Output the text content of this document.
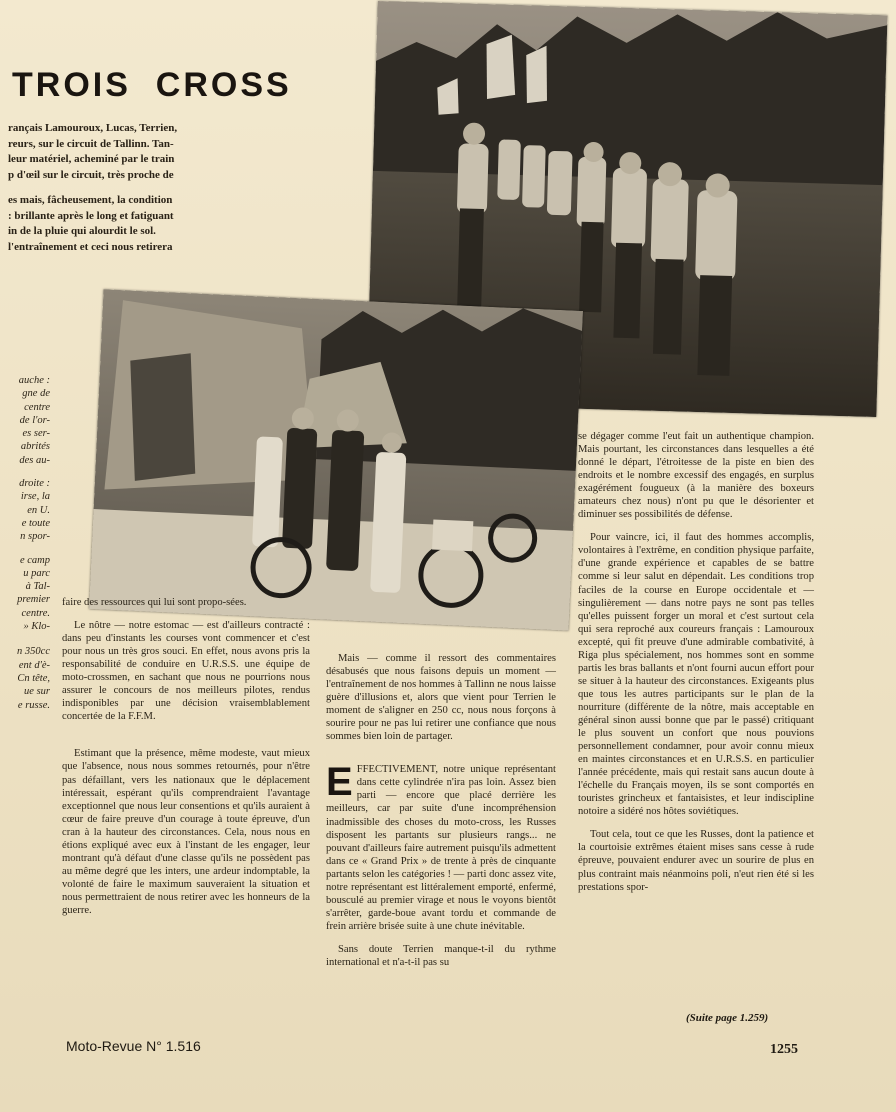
TROIS  CROSS

rançais Lamouroux, Lucas, Terrien,

reurs, sur le circuit de Tallinn. Tan-

leur matériel, acheminé par le train

p d'œil sur le circuit, très proche de

es mais, fâcheusement, la condition

: brillante après le long et fatiguant

in de la pluie qui alourdit le sol.

l'entraînement et ceci nous retirera

auche :
gne de
centre
de l'or-
es ser-
abrités
des au-
droite :
irse, la
en U.
e toute
n spor-
e camp
u parc
à Tal-
premier
centre.
» Klo-
n 350cc
ent d'è-
Cn tête,
ue sur
e russe.

faire des ressources qui lui sont propo-sées.

Le nôtre — notre estomac — est d'ailleurs contracté : dans peu d'instants les courses vont commencer et c'est pour nous un très gros souci. En effet, nous avons pris la responsabilité de conduire en U.R.S.S. une équipe de moto-crossmen, en sachant que nous ne pourrions nous assurer le concours de nos meilleurs pilotes, rendus indisponibles par une décision vraisemblablement concertée de la F.F.M.

Estimant que la présence, même modeste, vaut mieux que l'absence, nous nous sommes retournés, pour n'être pas défaillant, vers les nationaux que le déplacement intéressait, espérant qu'ils comprendraient l'avantage exceptionnel que nous leur consentions et qu'ils auraient à cœur de faire preuve d'un courage à toute épreuve, d'un cran à la hauteur des circonstances. Cela, nous nous en étions expliqué avec eux à l'instant de les engager, leur montrant qu'à défaut d'une classe qu'ils ne possèdent pas au même degré que les inters, une ardeur indomptable, la volonté de faire le maximum sauveraient la situation et nous permettraient de nous retirer avec les honneurs de la guerre.

Mais — comme il ressort des commentaires désabusés que nous faisons depuis un moment — l'entraînement de nos hommes à Tallinn ne nous laisse guère d'illusions et, alors que vient pour Terrien le moment de s'aligner en 250 cc, nous nous forçons à sourire pour ne pas lui retirer une confiance que nous sommes bien loin de partager.

EFFECTIVEMENT, notre unique représentant dans cette cylindrée n'ira pas loin. Assez bien parti — encore que placé derrière les meilleurs, car par suite d'une incompréhension inadmissible des choses du moto-cross, les Russes disposent les partants sur plusieurs rangs... ne pouvant d'ailleurs faire autrement puisqu'ils admettent dans ce « Grand Prix » de trente à près de cinquante partants selon les catégories ! — parti donc assez vite, notre représentant est littéralement emporté, enfermé, bousculé au premier virage et nous le voyons bientôt s'arrêter, garde-boue avant tordu et commande de frein arrière brisée suite à une chute inévitable.

Sans doute Terrien manque-t-il du rythme international et n'a-t-il pas su

se dégager comme l'eut fait un authentique champion. Mais pourtant, les circonstances dans lesquelles a été donné le départ, l'étroitesse de la piste en bien des endroits et le nombre excessif des engagés, en surplus exagérément fougueux (à la manière des boxeurs amateurs chez nous) n'ont pu que le désorienter et diminuer ses possibilités de défense.

Pour vaincre, ici, il faut des hommes accomplis, volontaires à l'extrême, en condition physique parfaite, d'une grande expérience et capables de se battre comme si leur salut en dépendait. Les conditions trop faciles de la course en Europe occidentale et — singulièrement — dans notre pays ne sont pas telles qu'elles puissent forger un moral et c'est surtout cela qui sera reproché aux coureurs français : Lamouroux excepté, qui fit preuve d'une admirable combativité, à Riga plus spécialement, nos hommes sont en somme partis les bras ballants et n'ont fourni aucun effort pour se situer à la hauteur des circonstances. Exigeants plus que tous les autres participants sur le plan de la nourriture (différente de la nôtre, mais acceptable en général sinon aussi bonne que par le passé) critiquant le plus souvent un confort que nous pouvions personnellement condamner, pour avoir connu mieux en maintes circonstances et en U.R.S.S. en particulier l'année précédente, mais qui restait sans aucun doute à l'échelle du Français moyen, ils se sont comportés en touristes grincheux et fantaisistes, et leur indiscipline notoire a sidéré nos hôtes soviétiques.

Tout cela, tout ce que les Russes, dont la patience et la courtoisie extrêmes étaient mises sans cesse à rude épreuve, pouvaient endurer avec un sourire de plus en plus contraint mais néanmoins poli, n'eut rien été si les prestations spor-

(Suite page 1.259)
Moto-Revue N° 1.516	1255
